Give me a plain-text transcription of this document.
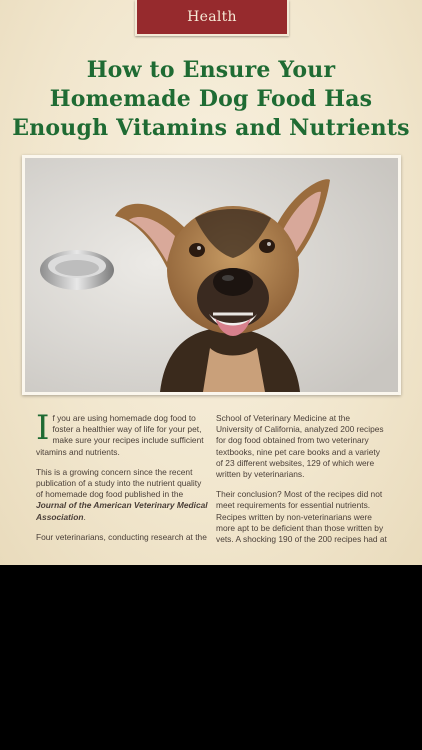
Health
How to Ensure Your
Homemade Dog Food Has
Enough Vitamins and Nutrients

If you are using homemade dog food to foster a healthier way of life for your pet, make sure your recipes include sufficient vitamins and nutrients.

This is a growing concern since the recent publication of a study into the nutrient quality of homemade dog food published in the Journal of the American Veterinary Medical Association.

Four veterinarians, conducting research at the

School of Veterinary Medicine at the University of California, analyzed 200 recipes for dog food obtained from two veterinary textbooks, nine pet care books and a variety of 23 different websites, 129 of which were written by veterinarians.

Their conclusion? Most of the recipes did not meet requirements for essential nutrients. Recipes written by non-veterinarians were more apt to be deficient than those written by vets. A shocking 190 of the 200 recipes had at
